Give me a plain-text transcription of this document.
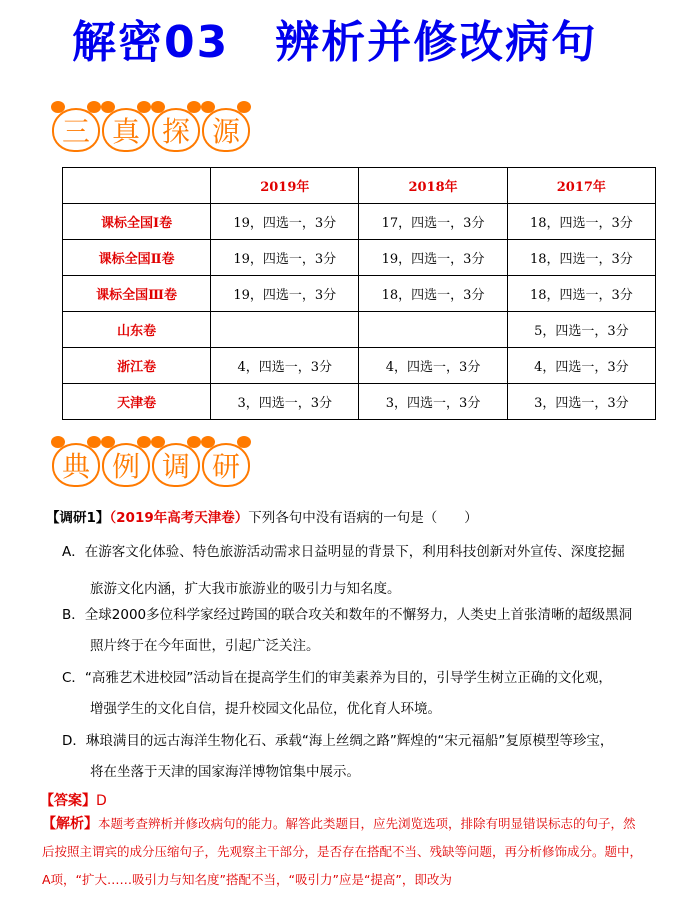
解密03　辨析并修改病句
三 真 探 源
	2019年	2018年	2017年
课标全国Ⅰ卷	19，四选一，3分	17，四选一，3分	18，四选一，3分
课标全国Ⅱ卷	19，四选一，3分	19，四选一，3分	18，四选一，3分
课标全国Ⅲ卷	19，四选一，3分	18，四选一，3分	18，四选一，3分
山东卷			5，四选一，3分
浙江卷	4，四选一，3分	4，四选一，3分	4，四选一，3分
天津卷	3，四选一，3分	3，四选一，3分	3，四选一，3分
典 例 调 研
【调研1】（2019年高考天津卷）下列各句中没有语病的一句是（　　）
A．在游客文化体验、特色旅游活动需求日益明显的背景下，利用科技创新对外宣传、深度挖掘
旅游文化内涵，扩大我市旅游业的吸引力与知名度。
B．全球2000多位科学家经过跨国的联合攻关和数年的不懈努力，人类史上首张清晰的超级黑洞
照片终于在今年面世，引起广泛关注。
C．“高雅艺术进校园”活动旨在提高学生们的审美素养为目的，引导学生树立正确的文化观，
增强学生的文化自信，提升校园文化品位，优化育人环境。
D．琳琅满目的远古海洋生物化石、承载“海上丝绸之路”辉煌的“宋元福船”复原模型等珍宝，
将在坐落于天津的国家海洋博物馆集中展示。
【答案】D
【解析】本题考查辨析并修改病句的能力。解答此类题目，应先浏览选项，排除有明显错误标志的句子，然后按照主谓宾的成分压缩句子，先观察主干部分，是否存在搭配不当、残缺等问题，再分析修饰成分。题中，A项，“扩大……吸引力与知名度”搭配不当，“吸引力”应是“提高”，即改为
